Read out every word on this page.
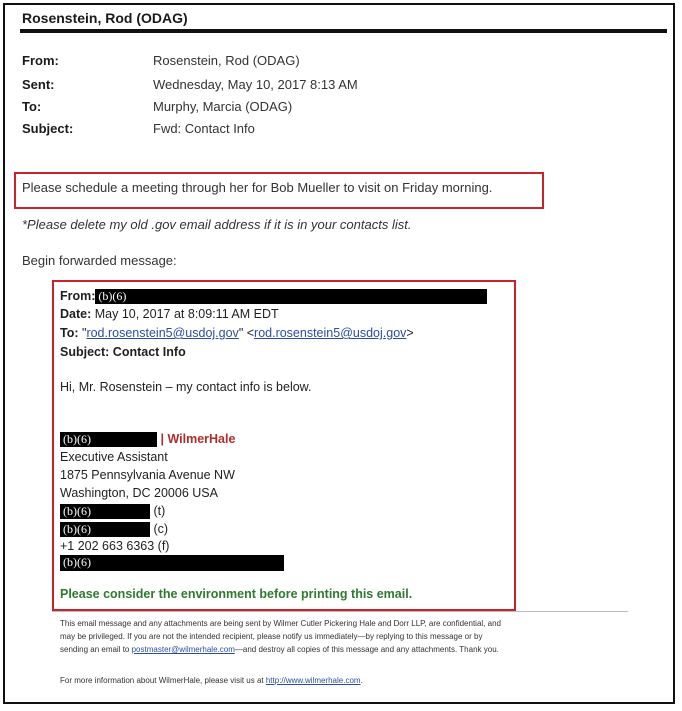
Rosenstein, Rod (ODAG)
From:	Rosenstein, Rod (ODAG)
Sent:	Wednesday, May 10, 2017 8:13 AM
To:	Murphy, Marcia (ODAG)
Subject:	Fwd: Contact Info
Please schedule a meeting through her for Bob Mueller to visit on Friday morning.
*Please delete my old .gov email address if it is in your contacts list.
Begin forwarded message:
From: (b)(6)
Date: May 10, 2017 at 8:09:11 AM EDT
To: "rod.rosenstein5@usdoj.gov" <rod.rosenstein5@usdoj.gov>
Subject: Contact Info
Hi, Mr. Rosenstein – my contact info is below.
(b)(6)	| WilmerHale
Executive Assistant
1875 Pennsylvania Avenue NW
Washington, DC 20006 USA
(b)(6)	(t)
(b)(6)	(c)
+1 202 663 6363 (f)
(b)(6)
Please consider the environment before printing this email.
This email message and any attachments are being sent by Wilmer Cutler Pickering Hale and Dorr LLP, are confidential, and
may be privileged. If you are not the intended recipient, please notify us immediately—by replying to this message or by
sending an email to postmaster@wilmerhale.com—and destroy all copies of this message and any attachments. Thank you.
For more information about WilmerHale, please visit us at http://www.wilmerhale.com.
